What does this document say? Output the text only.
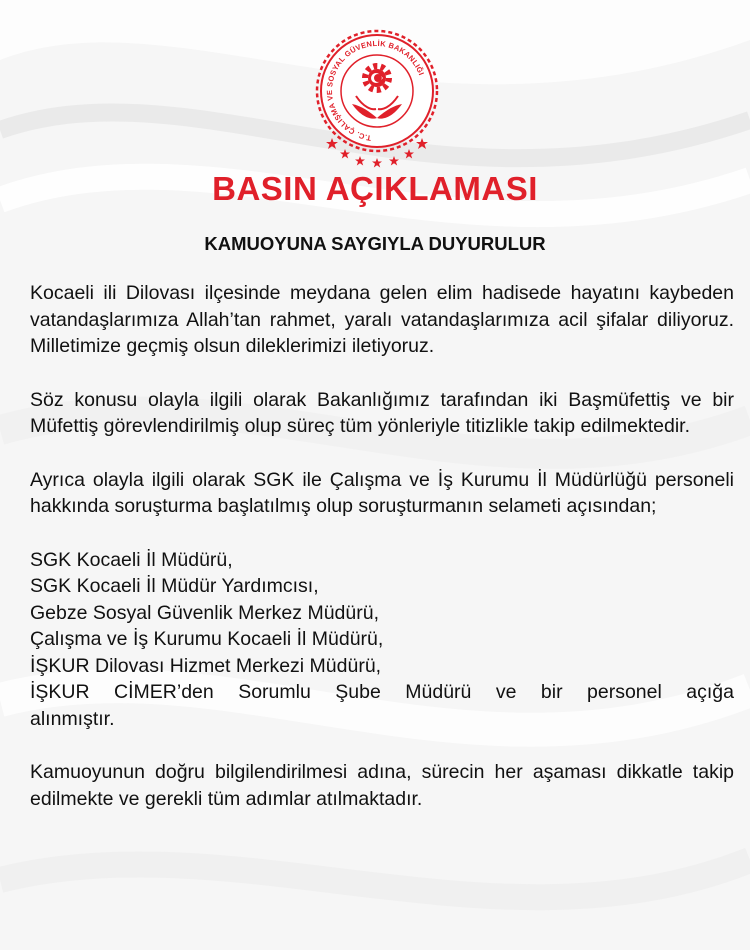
T.C. ÇALIŞMA VE SOSYAL GÜVENLİK BAKANLIĞI
BASIN AÇIKLAMASI
KAMUOYUNA SAYGIYLA DUYURULUR

Kocaeli ili Dilovası ilçesinde meydana gelen elim hadisede hayatını kaybeden vatandaşlarımıza Allah’tan rahmet, yaralı vatandaşlarımıza acil şifalar diliyoruz. Milletimize geçmiş olsun dileklerimizi iletiyoruz.

Söz konusu olayla ilgili olarak Bakanlığımız tarafından iki Başmüfettiş ve bir Müfettiş görevlendirilmiş olup süreç tüm yönleriyle titizlikle takip edilmektedir.

Ayrıca olayla ilgili olarak SGK ile Çalışma ve İş Kurumu İl Müdürlüğü personeli hakkında soruşturma başlatılmış olup soruşturmanın selameti açısından;

SGK Kocaeli İl Müdürü,
SGK Kocaeli İl Müdür Yardımcısı,
Gebze Sosyal Güvenlik Merkez Müdürü,
Çalışma ve İş Kurumu Kocaeli İl Müdürü,
İŞKUR Dilovası Hizmet Merkezi Müdürü,
İŞKUR CİMER’den Sorumlu Şube Müdürü ve bir personel açığa
alınmıştır.

Kamuoyunun doğru bilgilendirilmesi adına, sürecin her aşaması dikkatle takip edilmekte ve gerekli tüm adımlar atılmaktadır.
